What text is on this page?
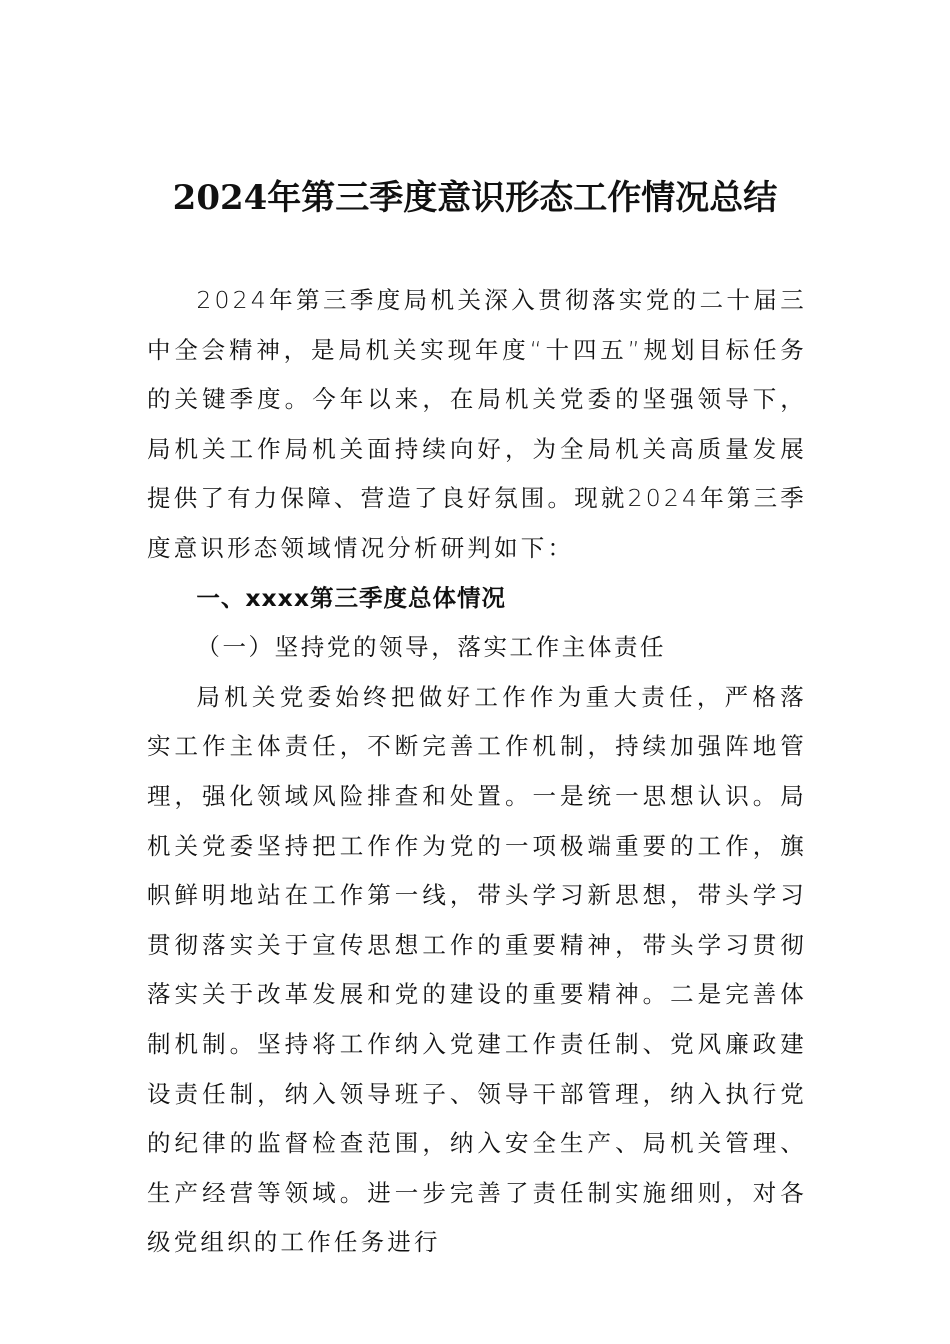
2024年第三季度意识形态工作情况总结

2024年第三季度局机关深入贯彻落实党的二十届三中全会精神，是局机关实现年度“十四五”规划目标任务的关键季度。今年以来，在局机关党委的坚强领导下，局机关工作局机关面持续向好，为全局机关高质量发展提供了有力保障、营造了良好氛围。现就2024年第三季度意识形态领域情况分析研判如下：

一、xxxx第三季度总体情况

（一）坚持党的领导，落实工作主体责任

局机关党委始终把做好工作作为重大责任，严格落实工作主体责任，不断完善工作机制，持续加强阵地管理，强化领域风险排查和处置。一是统一思想认识。局机关党委坚持把工作作为党的一项极端重要的工作，旗帜鲜明地站在工作第一线，带头学习新思想，带头学习贯彻落实关于宣传思想工作的重要精神，带头学习贯彻落实关于改革发展和党的建设的重要精神。二是完善体制机制。坚持将工作纳入党建工作责任制、党风廉政建设责任制，纳入领导班子、领导干部管理，纳入执行党的纪律的监督检查范围，纳入安全生产、局机关管理、生产经营等领域。进一步完善了责任制实施细则，对各级党组织的工作任务进行
